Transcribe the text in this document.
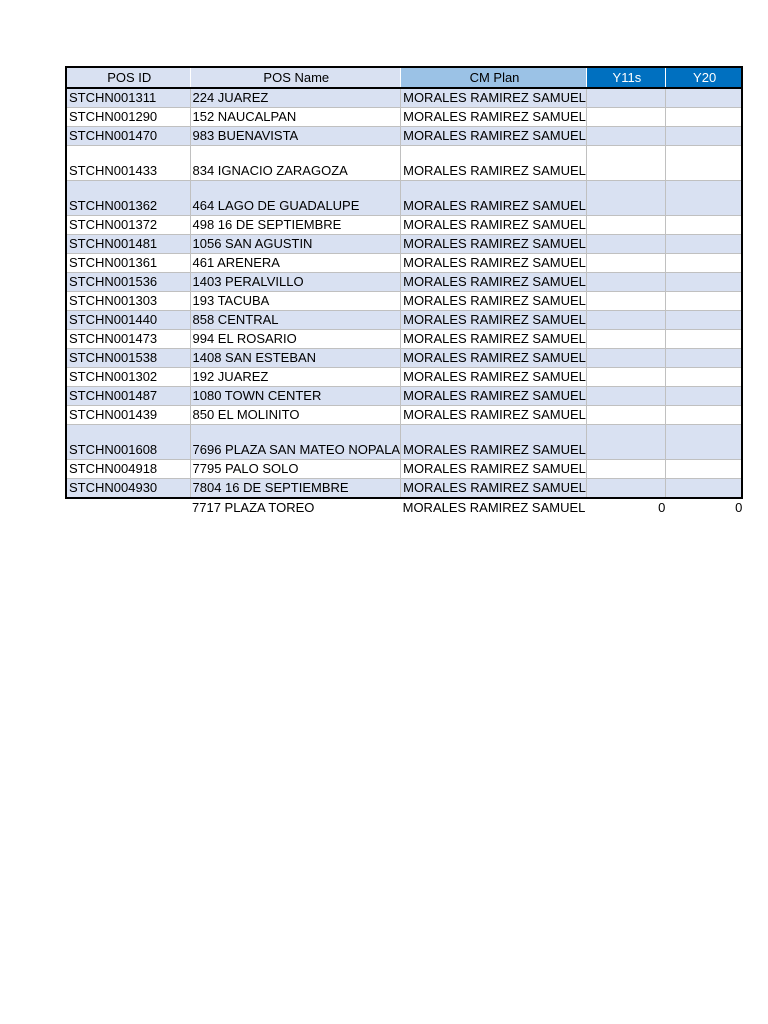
POS ID	POS Name	CM Plan	Y11s	Y20
STCHN001311	224 JUAREZ	MORALES RAMIREZ SAMUEL		
STCHN001290	152 NAUCALPAN	MORALES RAMIREZ SAMUEL		
STCHN001470	983 BUENAVISTA	MORALES RAMIREZ SAMUEL		
STCHN001433	834 IGNACIO ZARAGOZA	MORALES RAMIREZ SAMUEL		
STCHN001362	464 LAGO DE GUADALUPE	MORALES RAMIREZ SAMUEL		
STCHN001372	498 16 DE SEPTIEMBRE	MORALES RAMIREZ SAMUEL		
STCHN001481	1056 SAN AGUSTIN	MORALES RAMIREZ SAMUEL		
STCHN001361	461 ARENERA	MORALES RAMIREZ SAMUEL		
STCHN001536	1403 PERALVILLO	MORALES RAMIREZ SAMUEL		
STCHN001303	193 TACUBA	MORALES RAMIREZ SAMUEL		
STCHN001440	858 CENTRAL	MORALES RAMIREZ SAMUEL		
STCHN001473	994 EL ROSARIO	MORALES RAMIREZ SAMUEL		
STCHN001538	1408 SAN ESTEBAN	MORALES RAMIREZ SAMUEL		
STCHN001302	192 JUAREZ	MORALES RAMIREZ SAMUEL		
STCHN001487	1080 TOWN CENTER	MORALES RAMIREZ SAMUEL		
STCHN001439	850 EL MOLINITO	MORALES RAMIREZ SAMUEL		
STCHN001608	7696 PLAZA SAN MATEO NOPALA	MORALES RAMIREZ SAMUEL		
STCHN004918	7795 PALO SOLO	MORALES RAMIREZ SAMUEL		
STCHN004930	7804 16 DE SEPTIEMBRE	MORALES RAMIREZ SAMUEL		
	7717 PLAZA TOREO	MORALES RAMIREZ SAMUEL	0	0
